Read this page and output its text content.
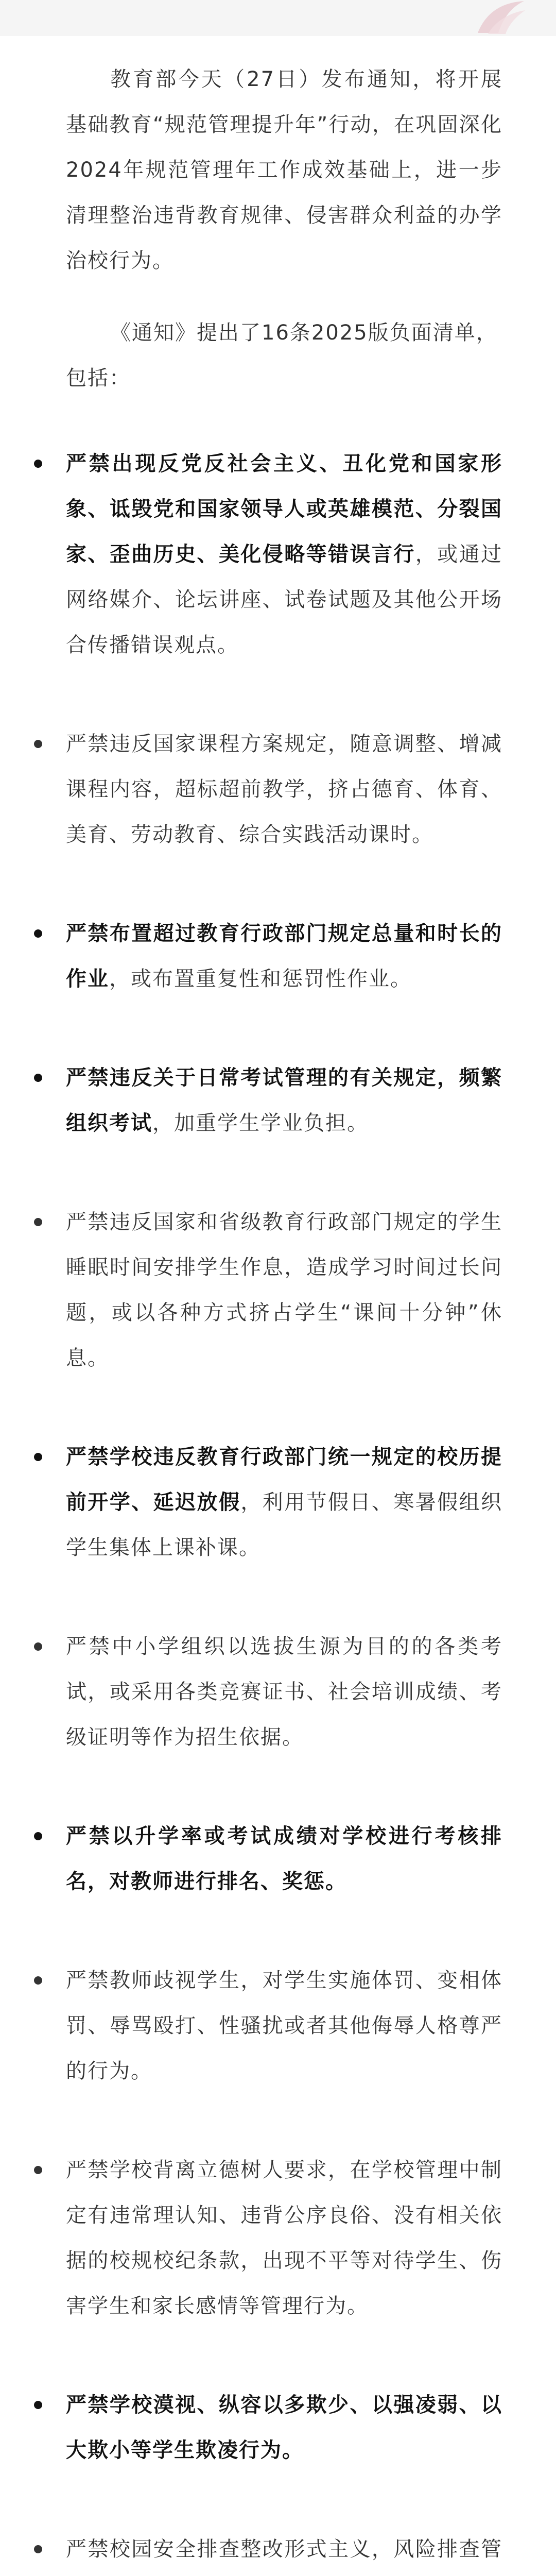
教育部今天（27日）发布通知，将开展基础教育“规范管理提升年”行动，在巩固深化2024年规范管理年工作成效基础上，进一步清理整治违背教育规律、侵害群众利益的办学治校行为。

《通知》提出了16条2025版负面清单，包括：

严禁出现反党反社会主义、丑化党和国家形象、诋毁党和国家领导人或英雄模范、分裂国家、歪曲历史、美化侵略等错误言行，或通过网络媒介、论坛讲座、试卷试题及其他公开场合传播错误观点。

严禁违反国家课程方案规定，随意调整、增减课程内容，超标超前教学，挤占德育、体育、美育、劳动教育、综合实践活动课时。

严禁布置超过教育行政部门规定总量和时长的作业，或布置重复性和惩罚性作业。

严禁违反关于日常考试管理的有关规定，频繁组织考试，加重学生学业负担。

严禁违反国家和省级教育行政部门规定的学生睡眠时间安排学生作息，造成学习时间过长问题，或以各种方式挤占学生“课间十分钟”休息。

严禁学校违反教育行政部门统一规定的校历提前开学、延迟放假，利用节假日、寒暑假组织学生集体上课补课。

严禁中小学组织以选拔生源为目的的各类考试，或采用各类竞赛证书、社会培训成绩、考级证明等作为招生依据。

严禁以升学率或考试成绩对学校进行考核排名，对教师进行排名、奖惩。

严禁教师歧视学生，对学生实施体罚、变相体罚、辱骂殴打、性骚扰或者其他侮辱人格尊严的行为。

严禁学校背离立德树人要求，在学校管理中制定有违常理认知、违背公序良俗、没有相关依据的校规校纪条款，出现不平等对待学生、伤害学生和家长感情等管理行为。

严禁学校漠视、纵容以多欺少、以强凌弱、以大欺小等学生欺凌行为。

严禁校园安全排查整改形式主义，风险排查管
